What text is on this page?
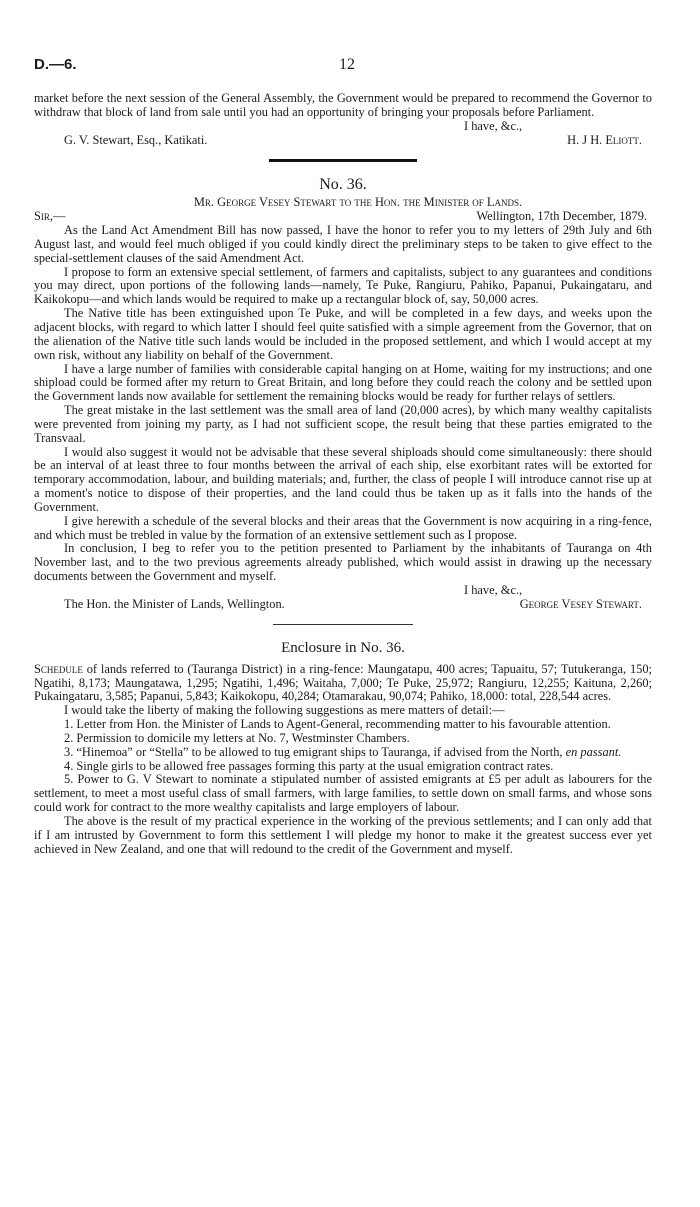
D.—6.	12

market before the next session of the General Assembly, the Government would be prepared to recommend the Governor to withdraw that block of land from sale until you had an opportunity of bringing your proposals before Parliament.

I have, &c.,

G. V. Stewart, Esq., Katikati.	H. J H. Eliott.

No. 36.

Mr. George Vesey Stewart to the Hon. the Minister of Lands.

Sir,—	Wellington, 17th December, 1879.

As the Land Act Amendment Bill has now passed, I have the honor to refer you to my letters of 29th July and 6th August last, and would feel much obliged if you could kindly direct the preliminary steps to be taken to give effect to the special-settlement clauses of the said Amendment Act.

I propose to form an extensive special settlement, of farmers and capitalists, subject to any guarantees and conditions you may direct, upon portions of the following lands—namely, Te Puke, Rangiuru, Pahiko, Papanui, Pukaingataru, and Kaikokopu—and which lands would be required to make up a rectangular block of, say, 50,000 acres.

The Native title has been extinguished upon Te Puke, and will be completed in a few days, and weeks upon the adjacent blocks, with regard to which latter I should feel quite satisfied with a simple agreement from the Governor, that on the alienation of the Native title such lands would be included in the proposed settlement, and which I would accept at my own risk, without any liability on behalf of the Government.

I have a large number of families with considerable capital hanging on at Home, waiting for my instructions; and one shipload could be formed after my return to Great Britain, and long before they could reach the colony and be settled upon the Government lands now available for settlement the remaining blocks would be ready for further relays of settlers.

The great mistake in the last settlement was the small area of land (20,000 acres), by which many wealthy capitalists were prevented from joining my party, as I had not sufficient scope, the result being that these parties emigrated to the Transvaal.

I would also suggest it would not be advisable that these several shiploads should come simultaneously: there should be an interval of at least three to four months between the arrival of each ship, else exorbitant rates will be extorted for temporary accommodation, labour, and building materials; and, further, the class of people I will introduce cannot rise up at a moment's notice to dispose of their properties, and the land could thus be taken up as it falls into the hands of the Government.

I give herewith a schedule of the several blocks and their areas that the Government is now acquiring in a ring-fence, and which must be trebled in value by the formation of an extensive settlement such as I propose.

In conclusion, I beg to refer you to the petition presented to Parliament by the inhabitants of Tauranga on 4th November last, and to the two previous agreements already published, which would assist in drawing up the necessary documents between the Government and myself.

I have, &c.,

The Hon. the Minister of Lands, Wellington.	George Vesey Stewart.

Enclosure in No. 36.

Schedule of lands referred to (Tauranga District) in a ring-fence: Maungatapu, 400 acres; Tapuaitu, 57; Tutukeranga, 150; Ngatihi, 8,173; Maungatawa, 1,295; Ngatihi, 1,496; Waitaha, 7,000; Te Puke, 25,972; Rangiuru, 12,255; Kaituna, 2,260; Pukaingataru, 3,585; Papanui, 5,843; Kaikokopu, 40,284; Otamarakau, 90,074; Pahiko, 18,000: total, 228,544 acres.

I would take the liberty of making the following suggestions as mere matters of detail:—

1. Letter from Hon. the Minister of Lands to Agent-General, recommending matter to his favourable attention.

2. Permission to domicile my letters at No. 7, Westminster Chambers.

3. “Hinemoa” or “Stella” to be allowed to tug emigrant ships to Tauranga, if advised from the North, en passant.

4. Single girls to be allowed free passages forming this party at the usual emigration contract rates.

5. Power to G. V Stewart to nominate a stipulated number of assisted emigrants at £5 per adult as labourers for the settlement, to meet a most useful class of small farmers, with large families, to settle down on small farms, and whose sons could work for contract to the more wealthy capitalists and large employers of labour.

The above is the result of my practical experience in the working of the previous settlements; and I can only add that if I am intrusted by Government to form this settlement I will pledge my honor to make it the greatest success ever yet achieved in New Zealand, and one that will redound to the credit of the Government and myself.
